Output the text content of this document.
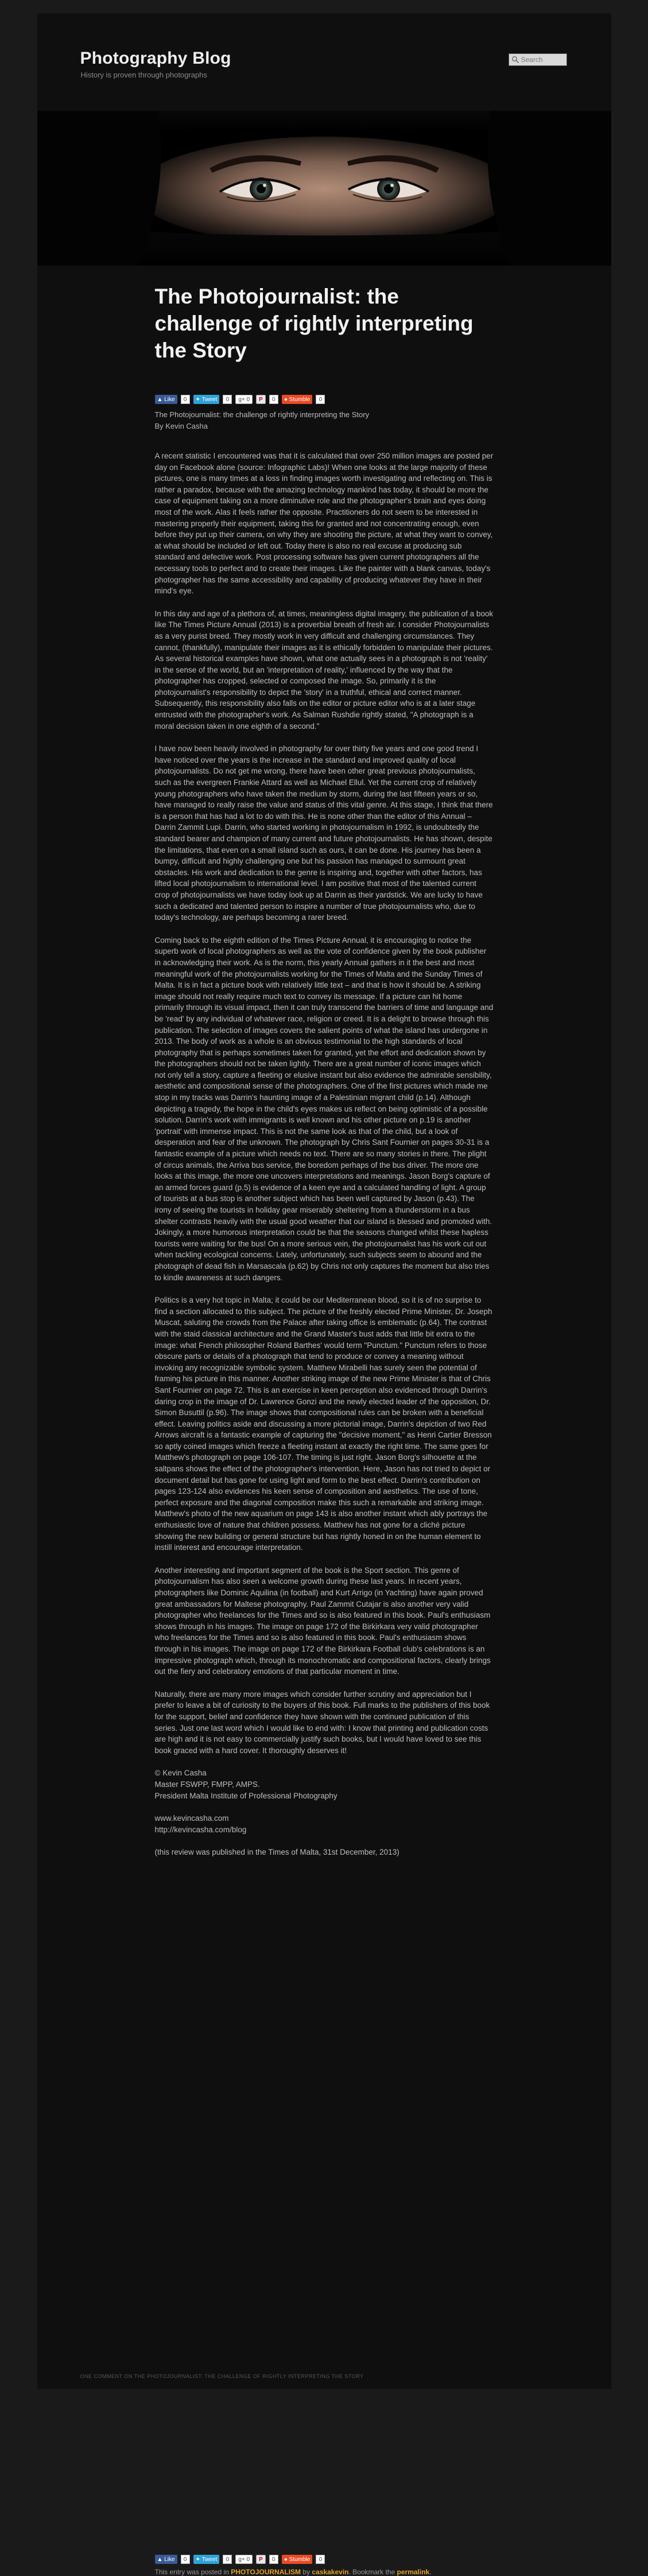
Photography Blog
History is proven through photographs
Search
The Photojournalist: the challenge of rightly interpreting the Story
▲ Like	0	✦ Tweet	0	g+ 0 P	0	● Stumble	0
The Photojournalist: the challenge of rightly interpreting the Story
By Kevin Casha

A recent statistic I encountered was that it is calculated that over 250 million images are posted per day on Facebook alone (source: Infographic Labs)! When one looks at the large majority of these pictures, one is many times at a loss in finding images worth investigating and reflecting on. This is rather a paradox, because with the amazing technology mankind has today, it should be more the case of equipment taking on a more diminutive role and the photographer's brain and eyes doing most of the work. Alas it feels rather the opposite. Practitioners do not seem to be interested in mastering properly their equipment, taking this for granted and not concentrating enough, even before they put up their camera, on why they are shooting the picture, at what they want to convey, at what should be included or left out. Today there is also no real excuse at producing sub standard and defective work. Post processing software has given current photographers all the necessary tools to perfect and to create their images. Like the painter with a blank canvas, today's photographer has the same accessibility and capability of producing whatever they have in their mind's eye.

In this day and age of a plethora of, at times, meaningless digital imagery, the publication of a book like The Times Picture Annual (2013) is a proverbial breath of fresh air. I consider Photojournalists as a very purist breed. They mostly work in very difficult and challenging circumstances. They cannot, (thankfully), manipulate their images as it is ethically forbidden to manipulate their pictures. As several historical examples have shown, what one actually sees in a photograph is not 'reality' in the sense of the world, but an 'interpretation of reality,' influenced by the way that the photographer has cropped, selected or composed the image. So, primarily it is the photojournalist's responsibility to depict the 'story' in a truthful, ethical and correct manner. Subsequently, this responsibility also falls on the editor or picture editor who is at a later stage entrusted with the photographer's work. As Salman Rushdie rightly stated, "A photograph is a moral decision taken in one eighth of a second."

I have now been heavily involved in photography for over thirty five years and one good trend I have noticed over the years is the increase in the standard and improved quality of local photojournalists. Do not get me wrong, there have been other great previous photojournalists, such as the evergreen Frankie Attard as well as Michael Ellul. Yet the current crop of relatively young photographers who have taken the medium by storm, during the last fifteen years or so, have managed to really raise the value and status of this vital genre. At this stage, I think that there is a person that has had a lot to do with this. He is none other than the editor of this Annual – Darrin Zammit Lupi. Darrin, who started working in photojournalism in 1992, is undoubtedly the standard bearer and champion of many current and future photojournalists. He has shown, despite the limitations, that even on a small island such as ours, it can be done. His journey has been a bumpy, difficult and highly challenging one but his passion has managed to surmount great obstacles. His work and dedication to the genre is inspiring and, together with other factors, has lifted local photojournalism to international level. I am positive that most of the talented current crop of photojournalists we have today look up at Darrin as their yardstick. We are lucky to have such a dedicated and talented person to inspire a number of true photojournalists who, due to today's technology, are perhaps becoming a rarer breed.

Coming back to the eighth edition of the Times Picture Annual, it is encouraging to notice the superb work of local photographers as well as the vote of confidence given by the book publisher in acknowledging their work. As is the norm, this yearly Annual gathers in it the best and most meaningful work of the photojournalists working for the Times of Malta and the Sunday Times of Malta. It is in fact a picture book with relatively little text – and that is how it should be. A striking image should not really require much text to convey its message. If a picture can hit home primarily through its visual impact, then it can truly transcend the barriers of time and language and be 'read' by any individual of whatever race, religion or creed. It is a delight to browse through this publication. The selection of images covers the salient points of what the island has undergone in 2013. The body of work as a whole is an obvious testimonial to the high standards of local photography that is perhaps sometimes taken for granted, yet the effort and dedication shown by the photographers should not be taken lightly. There are a great number of iconic images which not only tell a story, capture a fleeting or elusive instant but also evidence the admirable sensibility, aesthetic and compositional sense of the photographers. One of the first pictures which made me stop in my tracks was Darrin's haunting image of a Palestinian migrant child (p.14). Although depicting a tragedy, the hope in the child's eyes makes us reflect on being optimistic of a possible solution. Darrin's work with immigrants is well known and his other picture on p.19 is another 'portrait' with immense impact. This is not the same look as that of the child, but a look of desperation and fear of the unknown. The photograph by Chris Sant Fournier on pages 30-31 is a fantastic example of a picture which needs no text. There are so many stories in there. The plight of circus animals, the Arriva bus service, the boredom perhaps of the bus driver. The more one looks at this image, the more one uncovers interpretations and meanings. Jason Borg's capture of an armed forces guard (p.5) is evidence of a keen eye and a calculated handling of light. A group of tourists at a bus stop is another subject which has been well captured by Jason (p.43). The irony of seeing the tourists in holiday gear miserably sheltering from a thunderstorm in a bus shelter contrasts heavily with the usual good weather that our island is blessed and promoted with. Jokingly, a more humorous interpretation could be that the seasons changed whilst these hapless tourists were waiting for the bus! On a more serious vein, the photojournalist has his work cut out when tackling ecological concerns. Lately, unfortunately, such subjects seem to abound and the photograph of dead fish in Marsascala (p.62) by Chris not only captures the moment but also tries to kindle awareness at such dangers.

Politics is a very hot topic in Malta; it could be our Mediterranean blood, so it is of no surprise to find a section allocated to this subject. The picture of the freshly elected Prime Minister, Dr. Joseph Muscat, saluting the crowds from the Palace after taking office is emblematic (p.64). The contrast with the staid classical architecture and the Grand Master's bust adds that little bit extra to the image: what French philosopher Roland Barthes' would term "Punctum." Punctum refers to those obscure parts or details of a photograph that tend to produce or convey a meaning without invoking any recognizable symbolic system. Matthew Mirabelli has surely seen the potential of framing his picture in this manner. Another striking image of the new Prime Minister is that of Chris Sant Fournier on page 72. This is an exercise in keen perception also evidenced through Darrin's daring crop in the image of Dr. Lawrence Gonzi and the newly elected leader of the opposition, Dr. Simon Busuttil (p.96). The image shows that compositional rules can be broken with a beneficial effect. Leaving politics aside and discussing a more pictorial image, Darrin's depiction of two Red Arrows aircraft is a fantastic example of capturing the "decisive moment," as Henri Cartier Bresson so aptly coined images which freeze a fleeting instant at exactly the right time. The same goes for Matthew's photograph on page 106-107. The timing is just right. Jason Borg's silhouette at the saltpans shows the effect of the photographer's intervention. Here, Jason has not tried to depict or document detail but has gone for using light and form to the best effect. Darrin's contribution on pages 123-124 also evidences his keen sense of composition and aesthetics. The use of tone, perfect exposure and the diagonal composition make this such a remarkable and striking image. Matthew's photo of the new aquarium on page 143 is also another instant which ably portrays the enthusiastic love of nature that children possess. Matthew has not gone for a cliché picture showing the new building or general structure but has rightly honed in on the human element to instill interest and encourage interpretation.

Another interesting and important segment of the book is the Sport section. This genre of photojournalism has also seen a welcome growth during these last years. In recent years, photographers like Dominic Aquilina (in football) and Kurt Arrigo (in Yachting) have again proved great ambassadors for Maltese photography. Paul Zammit Cutajar is also another very valid photographer who freelances for the Times and so is also featured in this book. Paul's enthusiasm shows through in his images. The image on page 172 of the Birkirkara very valid photographer who freelances for the Times and so is also featured in this book. Paul's enthusiasm shows through in his images. The image on page 172 of the Birkirkara Football club's celebrations is an impressive photograph which, through its monochromatic and compositional factors, clearly brings out the fiery and celebratory emotions of that particular moment in time.

Naturally, there are many more images which consider further scrutiny and appreciation but I prefer to leave a bit of curiosity to the buyers of this book. Full marks to the publishers of this book for the support, belief and confidence they have shown with the continued publication of this series. Just one last word which I would like to end with: I know that printing and publication costs are high and it is not easy to commercially justify such books, but I would have loved to see this book graced with a hard cover. It thoroughly deserves it!

© Kevin Casha
Master FSWPP, FMPP, AMPS.
President Malta Institute of Professional Photography

www.kevincasha.com
http://kevincasha.com/blog

(this review was published in the Times of Malta, 31st December, 2013)

▲ Like	0	✦ Tweet	0	g+ 0 P	0	● Stumble	0
This entry was posted in PHOTOJOURNALISM by caskakevin. Bookmark the permalink.
ONE COMMENT ON THE PHOTOJOURNALIST: THE CHALLENGE OF RIGHTLY INTERPRETING THE STORY
